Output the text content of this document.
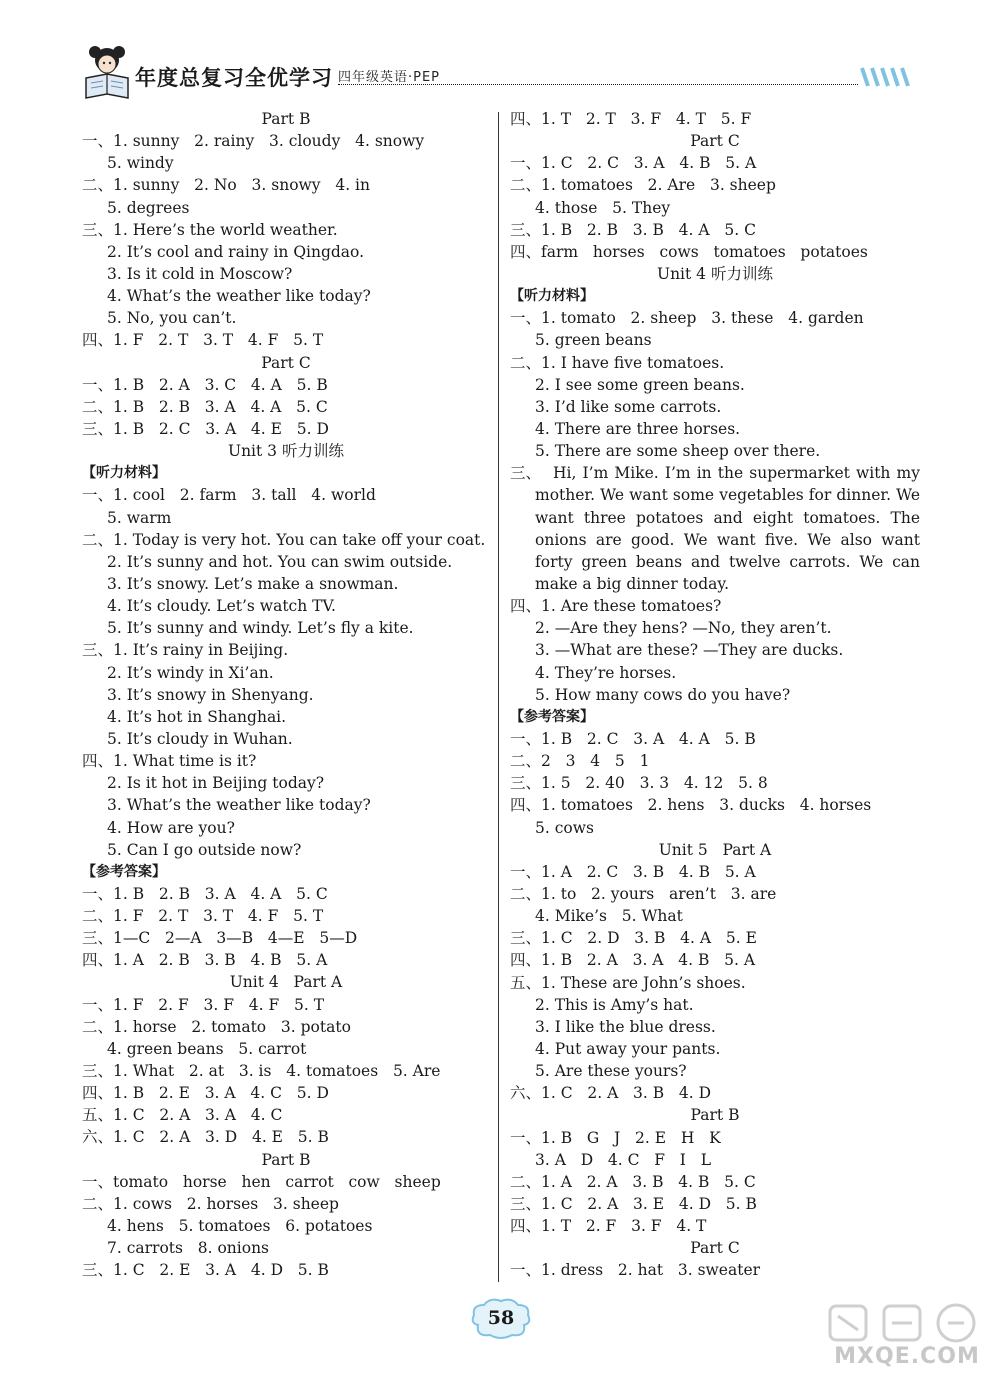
年度总复习全优学习 四年级英语·PEP
Part B
一、1. sunny   2. rainy   3. cloudy   4. snowy
5. windy
二、1. sunny   2. No   3. snowy   4. in
5. degrees
三、1. Here’s the world weather.
2. It’s cool and rainy in Qingdao.
3. Is it cold in Moscow?
4. What’s the weather like today?
5. No, you can’t.
四、1. F   2. T   3. T   4. F   5. T
Part C
一、1. B   2. A   3. C   4. A   5. B
二、1. B   2. B   3. A   4. A   5. C
三、1. B   2. C   3. A   4. E   5. D
Unit 3 听力训练
【听力材料】
一、1. cool   2. farm   3. tall   4. world
5. warm
二、1. Today is very hot. You can take off your coat.
2. It’s sunny and hot. You can swim outside.
3. It’s snowy. Let’s make a snowman.
4. It’s cloudy. Let’s watch TV.
5. It’s sunny and windy. Let’s fly a kite.
三、1. It’s rainy in Beijing.
2. It’s windy in Xi’an.
3. It’s snowy in Shenyang.
4. It’s hot in Shanghai.
5. It’s cloudy in Wuhan.
四、1. What time is it?
2. Is it hot in Beijing today?
3. What’s the weather like today?
4. How are you?
5. Can I go outside now?
【参考答案】
一、1. B   2. B   3. A   4. A   5. C
二、1. F   2. T   3. T   4. F   5. T
三、1—C   2—A   3—B   4—E   5—D
四、1. A   2. B   3. B   4. B   5. A
Unit 4   Part A
一、1. F   2. F   3. F   4. F   5. T
二、1. horse   2. tomato   3. potato
4. green beans   5. carrot
三、1. What   2. at   3. is   4. tomatoes   5. Are
四、1. B   2. E   3. A   4. C   5. D
五、1. C   2. A   3. A   4. C
六、1. C   2. A   3. D   4. E   5. B
Part B
一、tomato   horse   hen   carrot   cow   sheep
二、1. cows   2. horses   3. sheep
4. hens   5. tomatoes   6. potatoes
7. carrots   8. onions
三、1. C   2. E   3. A   4. D   5. B
四、1. T   2. T   3. F   4. T   5. F
Part C
一、1. C   2. C   3. A   4. B   5. A
二、1. tomatoes   2. Are   3. sheep
4. those   5. They
三、1. B   2. B   3. B   4. A   5. C
四、farm   horses   cows   tomatoes   potatoes
Unit 4 听力训练
【听力材料】
一、1. tomato   2. sheep   3. these   4. garden
5. green beans
二、1. I have five tomatoes.
2. I see some green beans.
3. I’d like some carrots.
4. There are three horses.
5. There are some sheep over there.
三、 Hi, I’m Mike. I’m in the supermarket with my mother. We want some vegetables for dinner. We want three potatoes and eight tomatoes. The onions are good. We want five. We also want forty green beans and twelve carrots. We can make a big dinner today.
四、1. Are these tomatoes?
2. —Are they hens? —No, they aren’t.
3. —What are these? —They are ducks.
4. They’re horses.
5. How many cows do you have?
【参考答案】
一、1. B   2. C   3. A   4. A   5. B
二、2   3   4   5   1
三、1. 5   2. 40   3. 3   4. 12   5. 8
四、1. tomatoes   2. hens   3. ducks   4. horses
5. cows
Unit 5   Part A
一、1. A   2. C   3. B   4. B   5. A
二、1. to   2. yours   aren’t   3. are
4. Mike’s   5. What
三、1. C   2. D   3. B   4. A   5. E
四、1. B   2. A   3. A   4. B   5. A
五、1. These are John’s shoes.
2. This is Amy’s hat.
3. I like the blue dress.
4. Put away your pants.
5. Are these yours?
六、1. C   2. A   3. B   4. D
Part B
一、1. B   G   J   2. E   H   K
3. A   D   4. C   F   I   L
二、1. A   2. A   3. B   4. B   5. C
三、1. C   2. A   3. E   4. D   5. B
四、1. T   2. F   3. F   4. T
Part C
一、1. dress   2. hat   3. sweater
58
MXQE.COM
